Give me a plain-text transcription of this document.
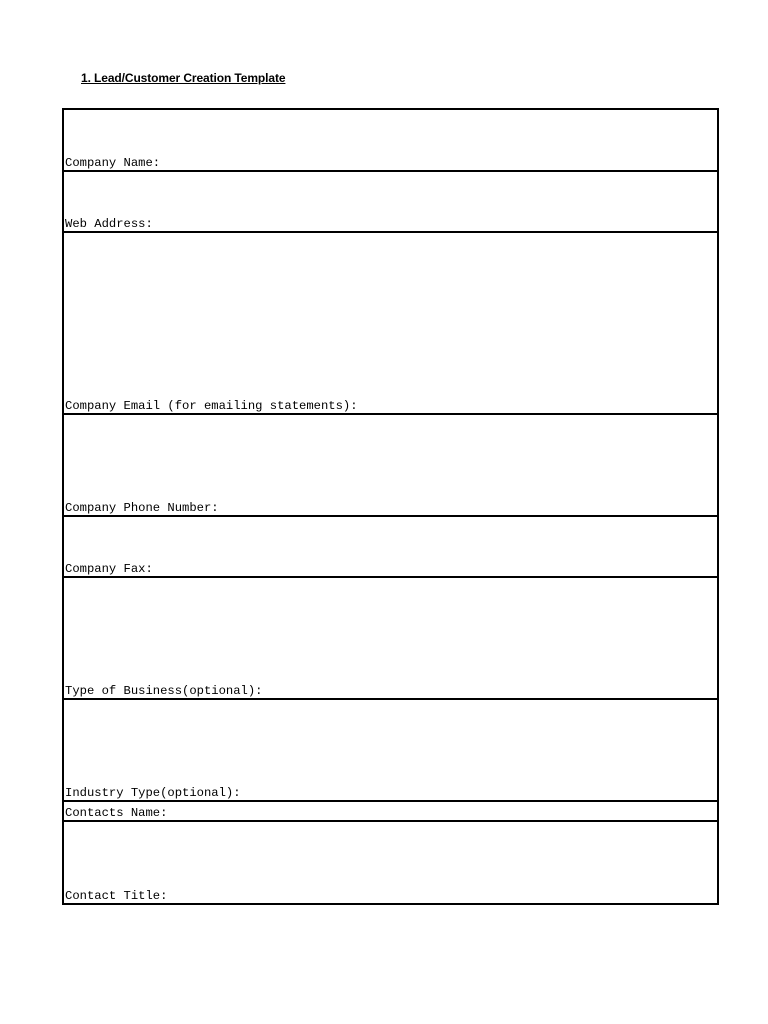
1. Lead/Customer Creation Template
Company Name:
Web Address:
Company Email (for emailing statements):
Company Phone Number:
Company Fax:
Type of Business(optional):
Industry Type(optional):
Contacts Name:
Contact Title:
